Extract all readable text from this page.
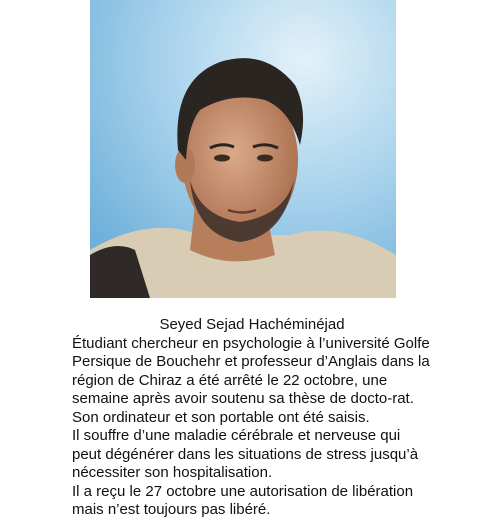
Seyed Sejad Hachéminéjad

Étudiant chercheur en psychologie à l’université Golfe Persique de Bouchehr et professeur d’Anglais dans la région de Chiraz a été arrêté le 22 octobre, une semaine après avoir soutenu sa thèse de docto-rat. Son ordinateur et son portable ont été saisis.

Il souffre d’une maladie cérébrale et nerveuse qui peut dégénérer dans les situations de stress jusqu’à nécessiter son hospitalisation.

Il a reçu le 27 octobre une autorisation de libération mais n’est toujours pas libéré.
